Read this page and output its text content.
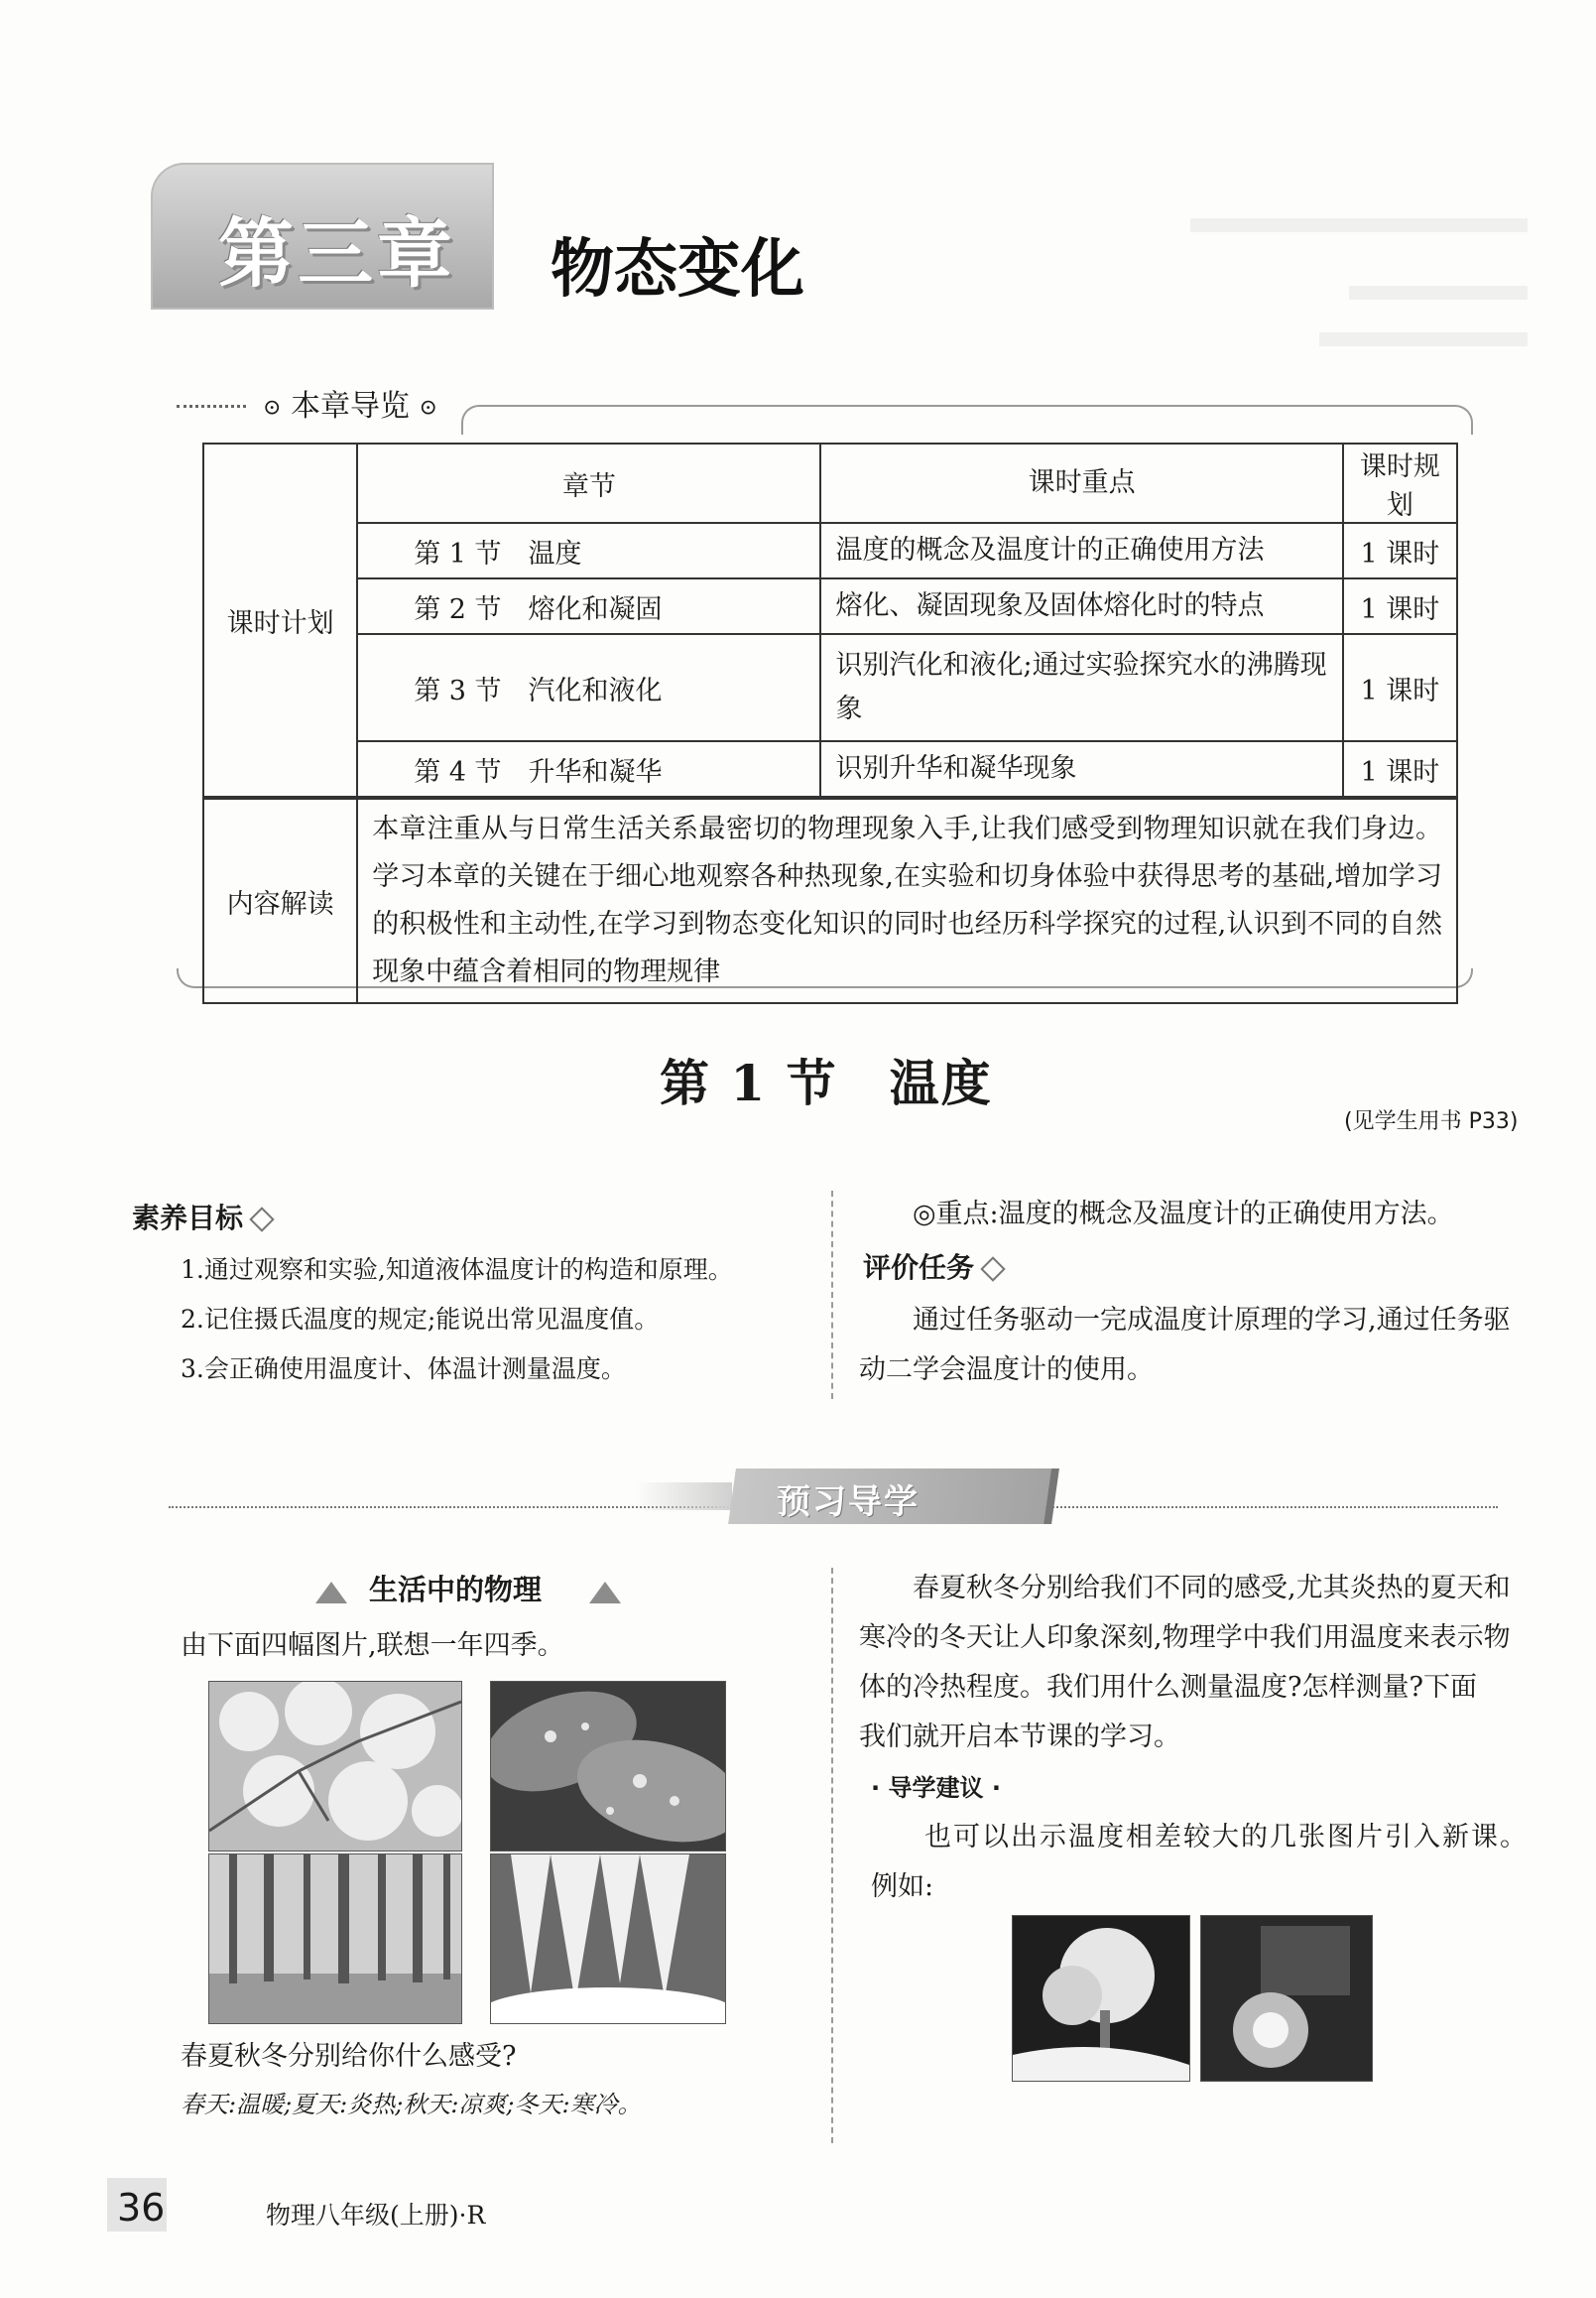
第三章 物态变化
⊙ 本章导览 ⊙
课时计划	章节	课时重点	课时规划
	第 1 节　温度	温度的概念及温度计的正确使用方法	1 课时
	第 2 节　熔化和凝固	熔化、凝固现象及固体熔化时的特点	1 课时
	第 3 节　汽化和液化	识别汽化和液化;通过实验探究水的沸腾现象	1 课时
	第 4 节　升华和凝华	识别升华和凝华现象	1 课时

内容解读	本章注重从与日常生活关系最密切的物理现象入手,让我们感受到物理知识就在我们身边。学习本章的关键在于细心地观察各种热现象,在实验和切身体验中获得思考的基础,增加学习的积极性和主动性,在学习到物态变化知识的同时也经历科学探究的过程,认识到不同的自然现象中蕴含着相同的物理规律		
第 1 节　温度
(见学生用书 P33)
素养目标
1.通过观察和实验,知道液体温度计的构造和原理。
2.记住摄氏温度的规定;能说出常见温度值。
3.会正确使用温度计、体温计测量温度。
◎重点:温度的概念及温度计的正确使用方法。
评价任务
通过任务驱动一完成温度计原理的学习,通过任务驱
动二学会温度计的使用。
预习导学
生活中的物理
由下面四幅图片,联想一年四季。
春夏秋冬分别给你什么感受?
春天:温暖;夏天:炎热;秋天:凉爽;冬天:寒冷。
春夏秋冬分别给我们不同的感受,尤其炎热的夏天和
寒冷的冬天让人印象深刻,物理学中我们用温度来表示物
体的冷热程度。我们用什么测量温度?怎样测量?下面
我们就开启本节课的学习。
· 导学建议 ·
也可以出示温度相差较大的几张图片引入新课。
例如:
36	物理八年级(上册)·R
